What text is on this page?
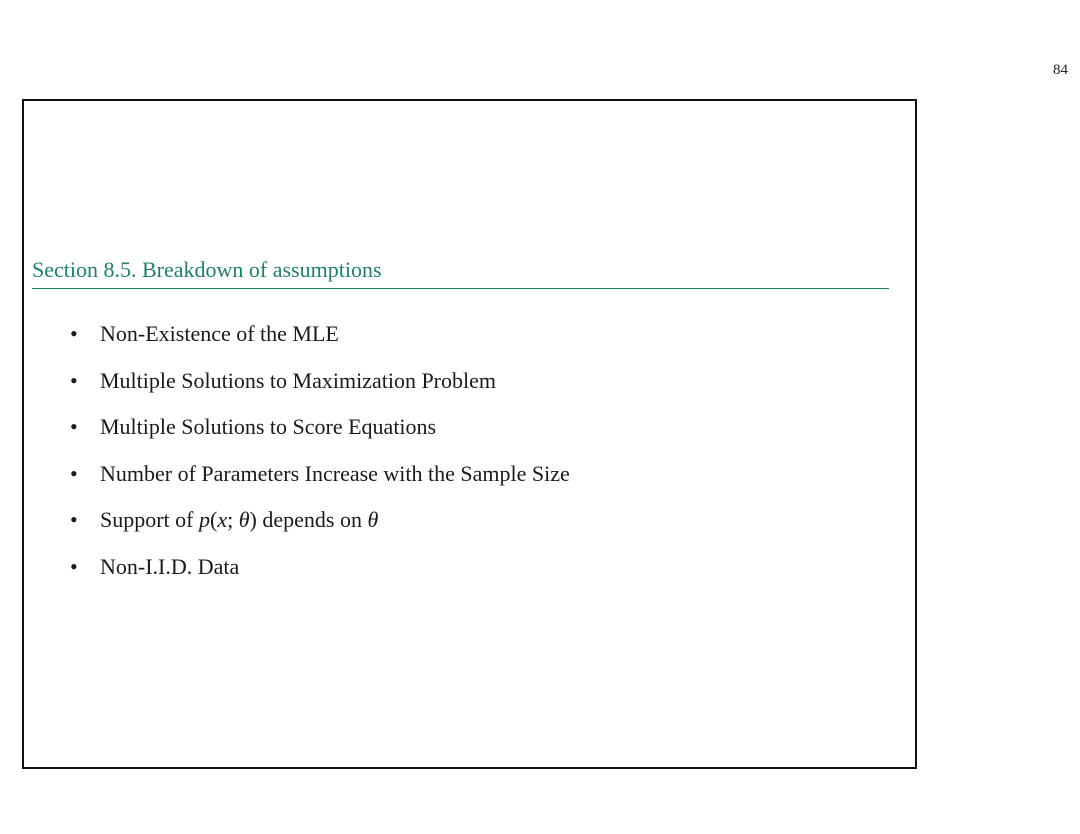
84
Section 8.5. Breakdown of assumptions
•	Non-Existence of the MLE
•	Multiple Solutions to Maximization Problem
•	Multiple Solutions to Score Equations
•	Number of Parameters Increase with the Sample Size
•	Support of p(x; θ) depends on θ
•	Non-I.I.D. Data
